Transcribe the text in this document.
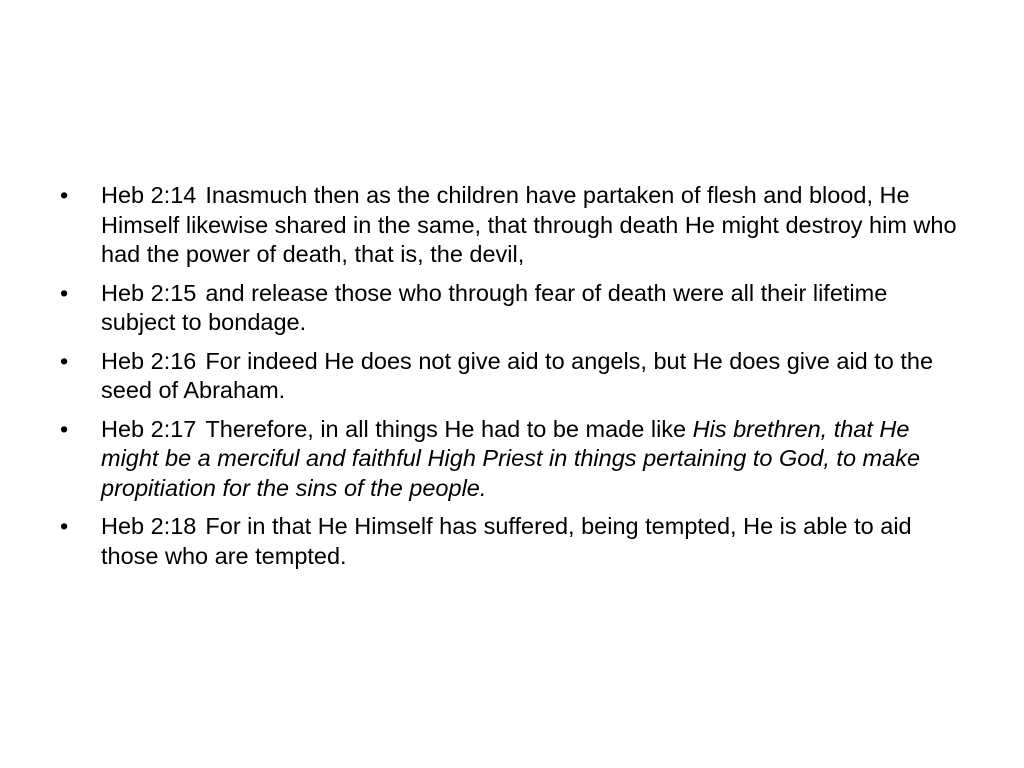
•	Heb 2:14 Inasmuch then as the children have partaken of flesh and blood, He Himself likewise shared in the same, that through death He might destroy him who had the power of death, that is, the devil,
•	Heb 2:15 and release those who through fear of death were all their lifetime subject to bondage.
•	Heb 2:16 For indeed He does not give aid to angels, but He does give aid to the seed of Abraham.
•	Heb 2:17 Therefore, in all things He had to be made like His brethren, that He might be a merciful and faithful High Priest in things pertaining to God, to make propitiation for the sins of the people.
•	Heb 2:18 For in that He Himself has suffered, being tempted, He is able to aid those who are tempted.
